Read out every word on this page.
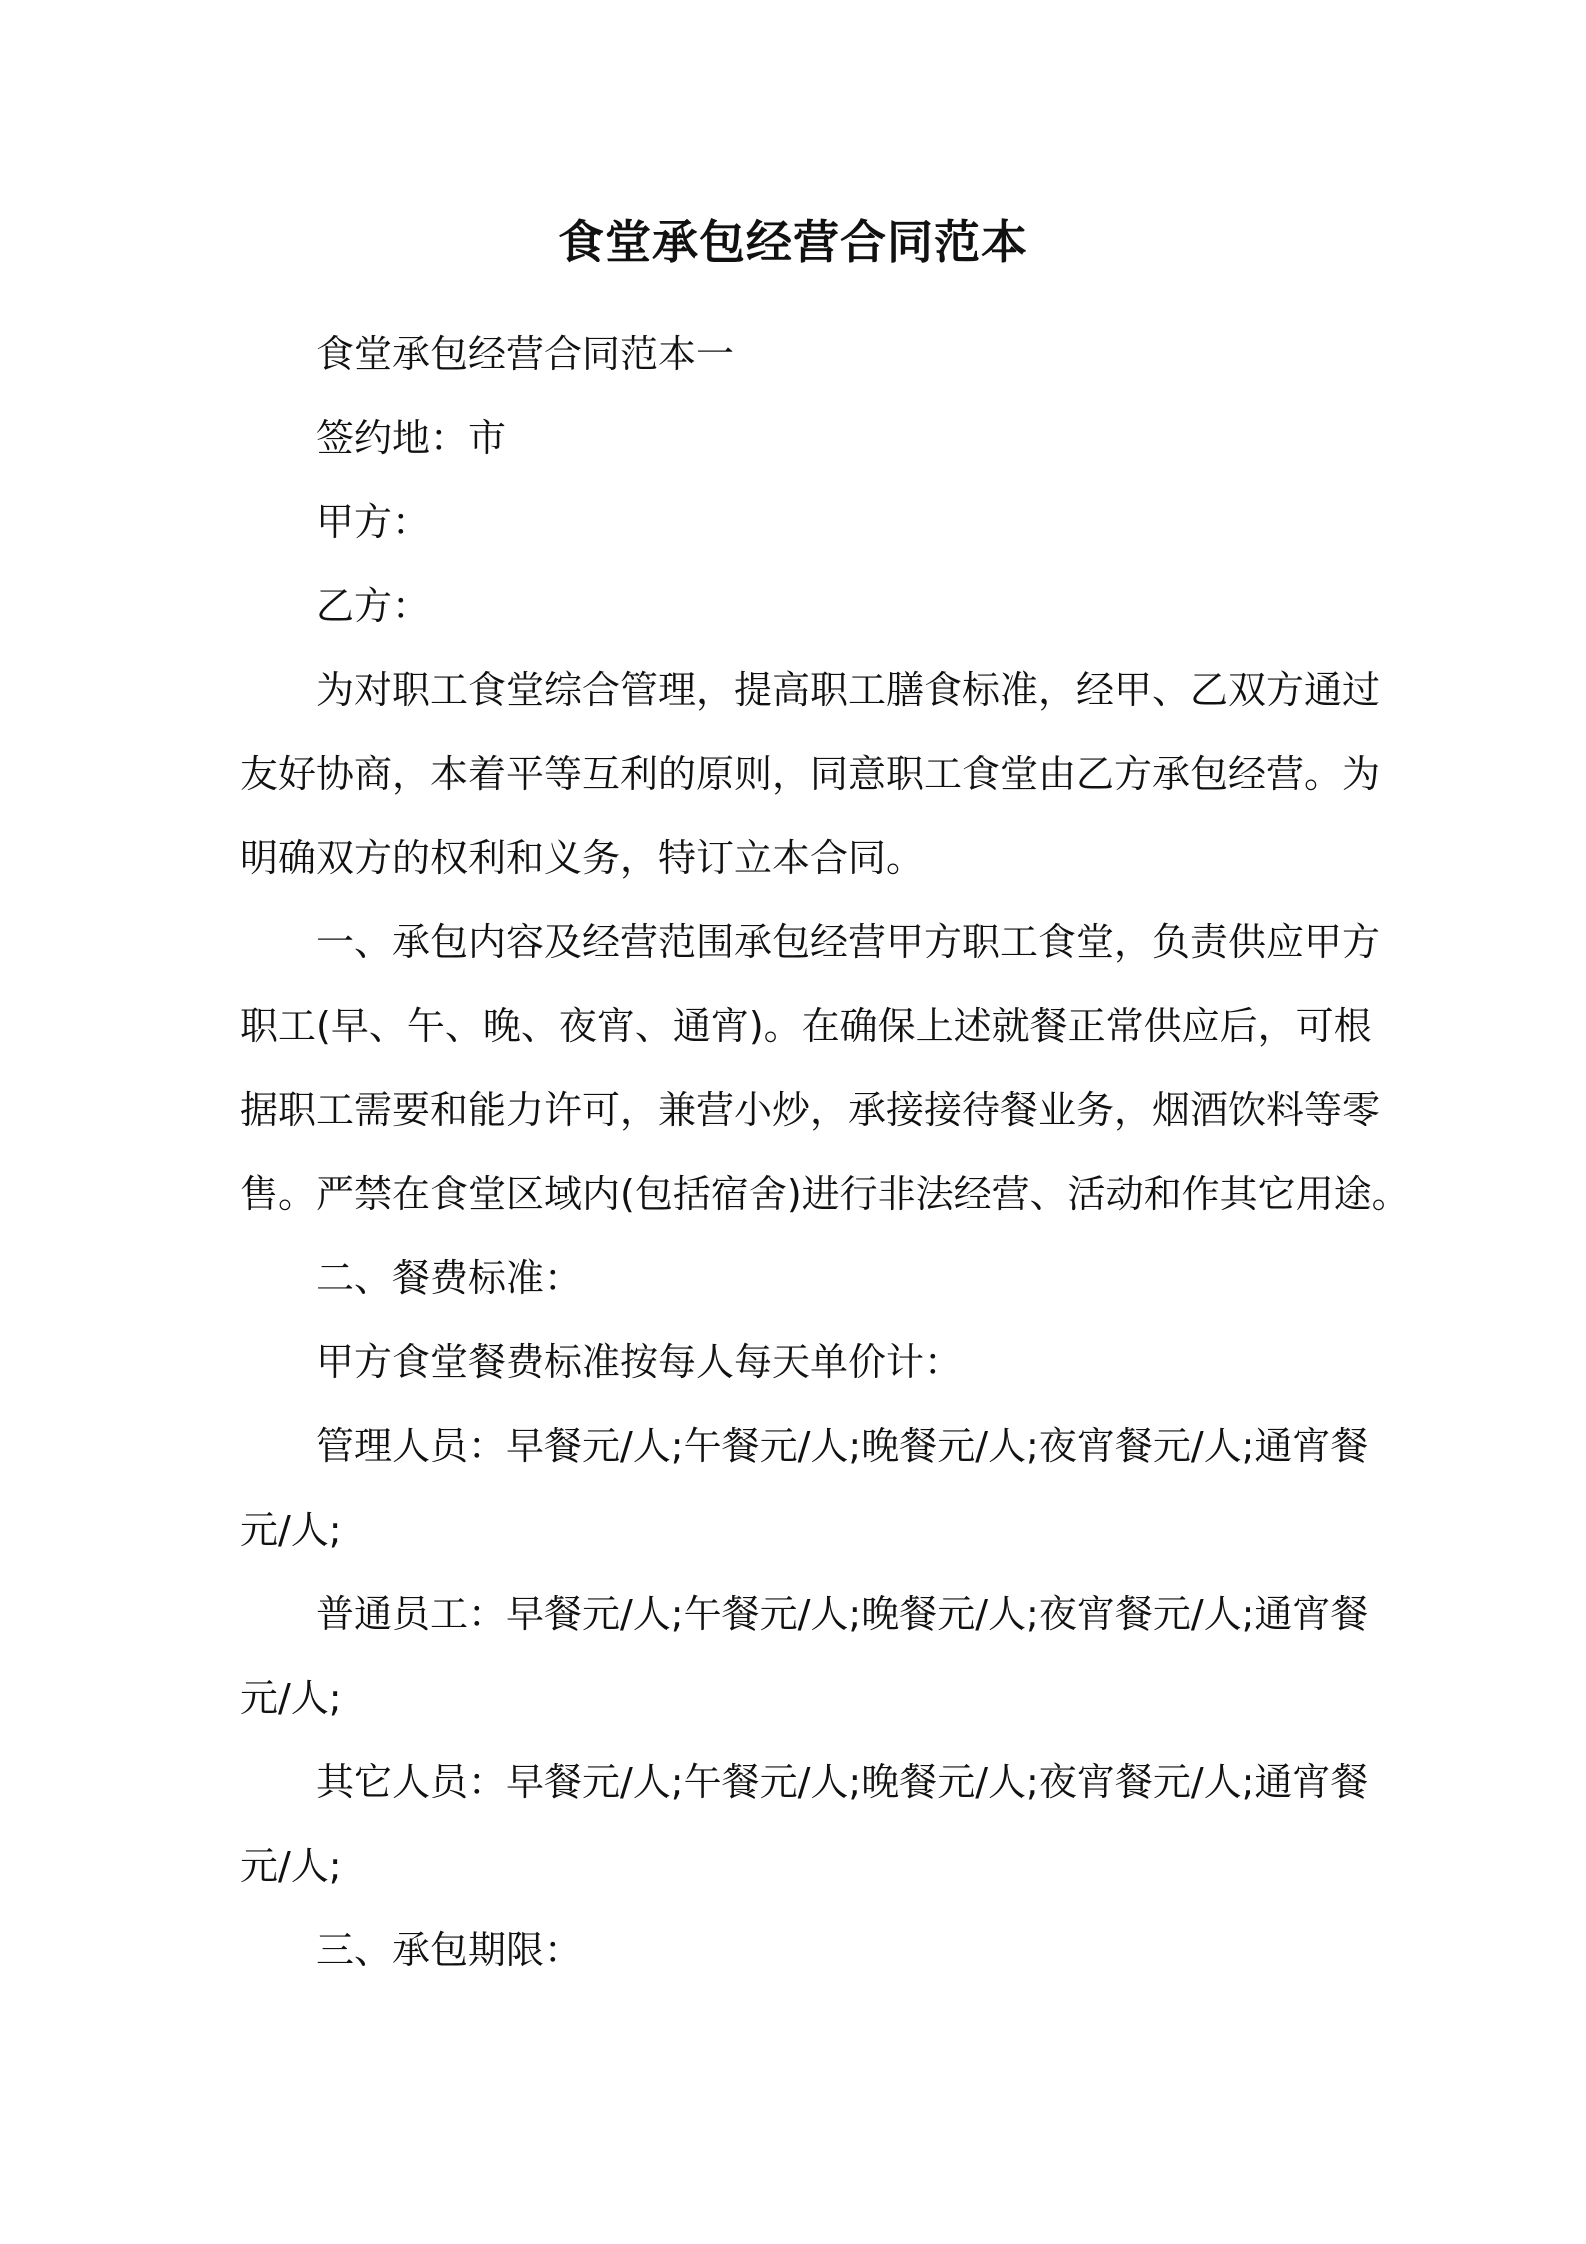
食堂承包经营合同范本
食堂承包经营合同范本一
签约地：市
甲方：
乙方：
为对职工食堂综合管理，提高职工膳食标准，经甲、乙双方通过
友好协商，本着平等互利的原则，同意职工食堂由乙方承包经营。为
明确双方的权利和义务，特订立本合同。
一、承包内容及经营范围承包经营甲方职工食堂，负责供应甲方
职工(早、午、晚、夜宵、通宵)。在确保上述就餐正常供应后，可根
据职工需要和能力许可，兼营小炒，承接接待餐业务，烟酒饮料等零
售。严禁在食堂区域内(包括宿舍)进行非法经营、活动和作其它用途。
二、餐费标准：
甲方食堂餐费标准按每人每天单价计：
管理人员：早餐元/人;午餐元/人;晚餐元/人;夜宵餐元/人;通宵餐
元/人;
普通员工：早餐元/人;午餐元/人;晚餐元/人;夜宵餐元/人;通宵餐
元/人;
其它人员：早餐元/人;午餐元/人;晚餐元/人;夜宵餐元/人;通宵餐
元/人;
三、承包期限：
